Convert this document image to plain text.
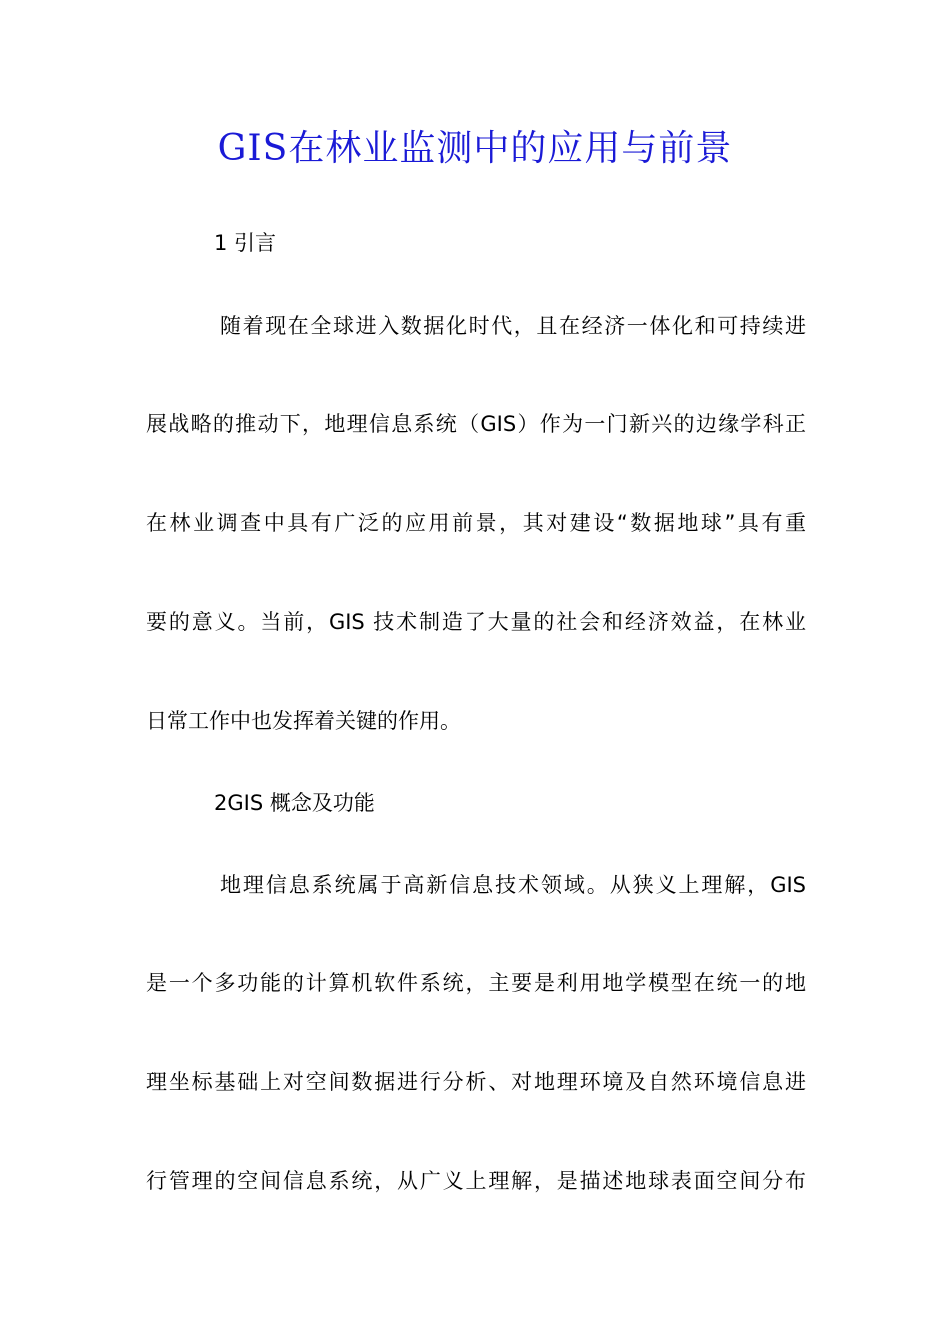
GIS在林业监测中的应用与前景
1 引言
随着现在全球进入数据化时代，且在经济一体化和可持续进
展战略的推动下，地理信息系统（GIS）作为一门新兴的边缘学科正
在林业调查中具有广泛的应用前景，其对建设“数据地球”具有重
要的意义。当前，GIS 技术制造了大量的社会和经济效益，在林业
日常工作中也发挥着关键的作用。
2GIS 概念及功能
地理信息系统属于高新信息技术领域。从狭义上理解，GIS
是一个多功能的计算机软件系统，主要是利用地学模型在统一的地
理坐标基础上对空间数据进行分析、对地理环境及自然环境信息进
行管理的空间信息系统，从广义上理解，是描述地球表面空间分布
